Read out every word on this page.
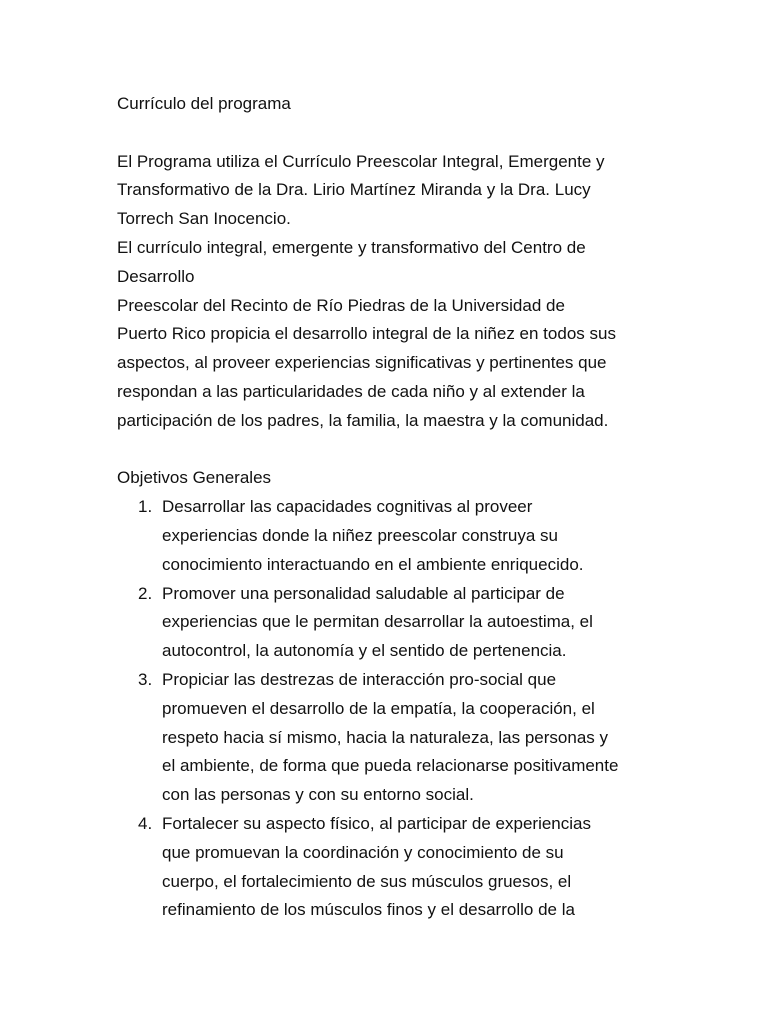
Currículo del programa
El Programa utiliza el Currículo Preescolar Integral, Emergente y
Transformativo de la Dra. Lirio Martínez Miranda y la Dra. Lucy
Torrech San Inocencio.
El currículo integral, emergente y transformativo del Centro de
Desarrollo
Preescolar del Recinto de Río Piedras de la Universidad de
Puerto Rico propicia el desarrollo integral de la niñez en todos sus
aspectos, al proveer experiencias significativas y pertinentes que
respondan a las particularidades de cada niño y al extender la
participación de los padres, la familia, la maestra y la comunidad.
Objetivos Generales
1. Desarrollar las capacidades cognitivas al proveer
experiencias donde la niñez preescolar construya su
conocimiento interactuando en el ambiente enriquecido.
2. Promover una personalidad saludable al participar de
experiencias que le permitan desarrollar la autoestima, el
autocontrol, la autonomía y el sentido de pertenencia.
3. Propiciar las destrezas de interacción pro-social que
promueven el desarrollo de la empatía, la cooperación, el
respeto hacia sí mismo, hacia la naturaleza, las personas y
el ambiente, de forma que pueda relacionarse positivamente
con las personas y con su entorno social.
4. Fortalecer su aspecto físico, al participar de experiencias
que promuevan la coordinación y conocimiento de su
cuerpo, el fortalecimiento de sus músculos gruesos, el
refinamiento de los músculos finos y el desarrollo de la
